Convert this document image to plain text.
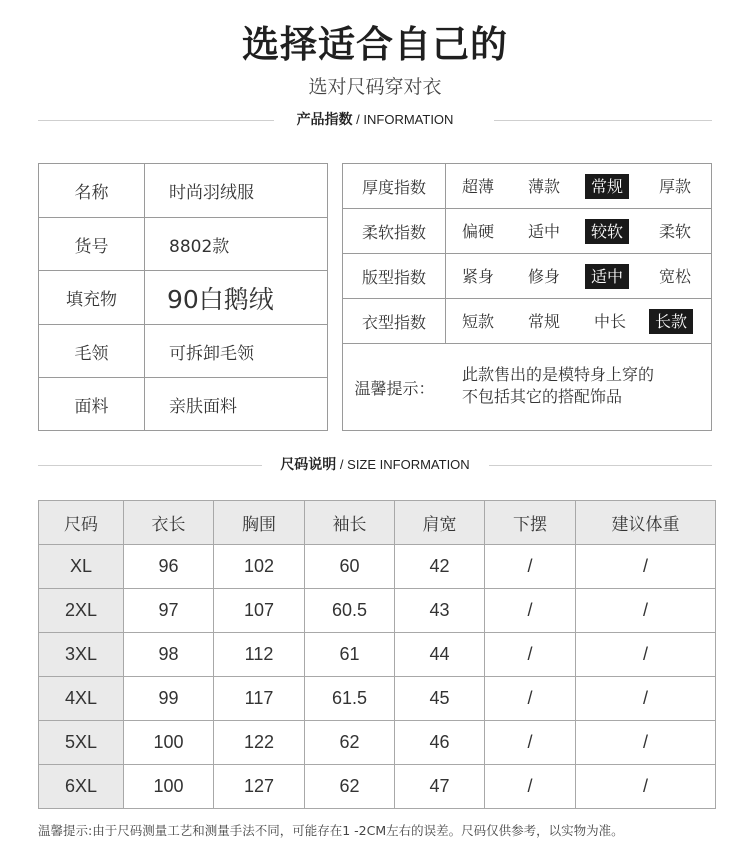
选择适合自己的
选对尺码穿对衣
产品指数 / INFORMATION
名称	时尚羽绒服
货号	8802款
填充物	90白鹅绒
毛领	可拆卸毛领
面料	亲肤面料
厚度指数	超薄	薄款	常规	厚款
柔软指数	偏硬	适中	较软	柔软
版型指数	紧身	修身	适中	宽松
衣型指数	短款	常规	中长	长款
温馨提示：
此款售出的是模特身上穿的
不包括其它的搭配饰品
尺码说明 / SIZE INFORMATION
尺码	衣长	胸围	袖长	肩宽	下摆	建议体重
XL	96	102	60	42	/	/
2XL	97	107	60.5	43	/	/
3XL	98	112	61	44	/	/
4XL	99	117	61.5	45	/	/
5XL	100	122	62	46	/	/
6XL	100	127	62	47	/	/
温馨提示:由于尺码测量工艺和测量手法不同，可能存在1 -2CM左右的误差。尺码仅供参考，以实物为准。
